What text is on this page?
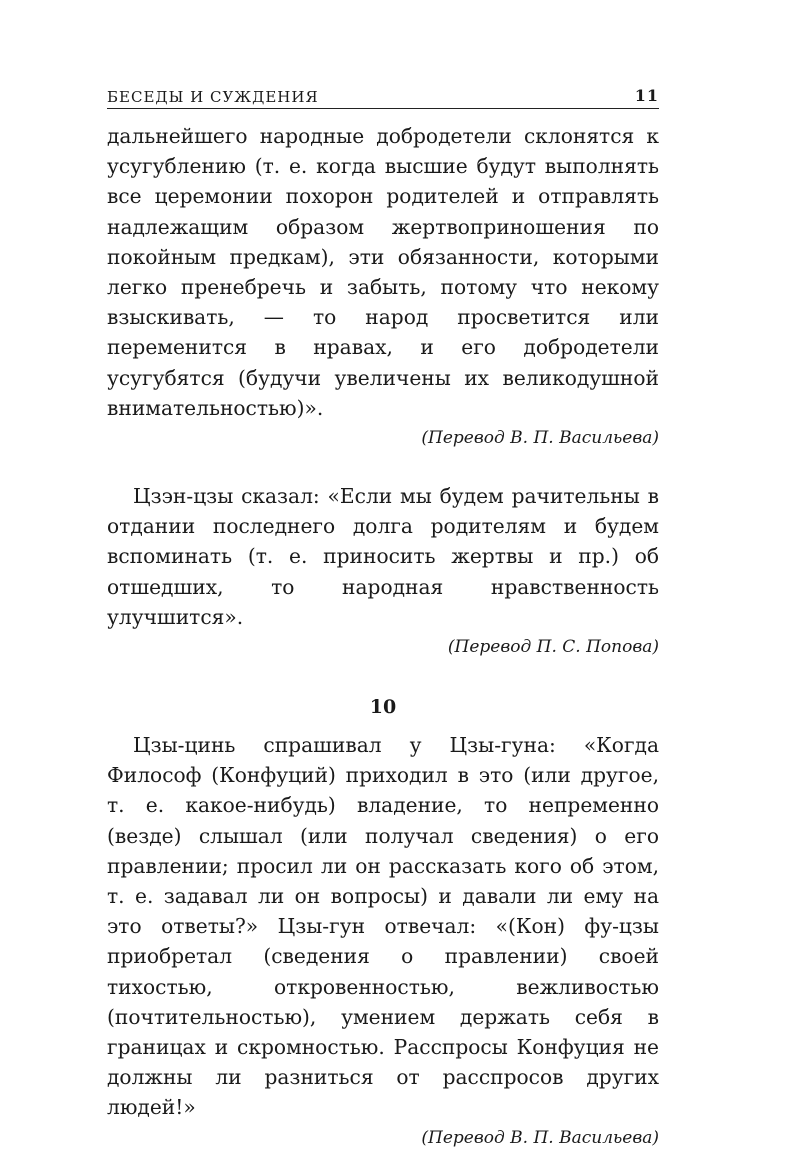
БЕСЕДЫ И СУЖДЕНИЯ	11

дальнейшего народные добродетели склонятся к усугублению (т. е. когда высшие будут выполнять все церемонии похорон родителей и отправлять надлежащим образом жертвоприношения по покойным предкам), эти обязанности, которыми легко пренебречь и забыть, потому что некому взыскивать, — то народ просветится или переменится в нравах, и его добродетели усугубятся (будучи увеличены их великодушной внимательностью)».

(Перевод В. П. Васильева)

Цзэн-цзы сказал: «Если мы будем рачительны в отдании последнего долга родителям и будем вспоминать (т. е. приносить жертвы и пр.) об отшедших, то народная нравственность улучшится».

(Перевод П. С. Попова)

10

Цзы-цинь спрашивал у Цзы-гуна: «Когда Философ (Конфуций) приходил в это (или другое, т. е. какое-нибудь) владение, то непременно (везде) слышал (или получал сведения) о его правлении; просил ли он рассказать кого об этом, т. е. задавал ли он вопросы) и давали ли ему на это ответы?» Цзы-гун отвечал: «(Кон) фу-цзы приобретал (сведения о правлении) своей тихостью, откровенностью, вежливостью (почтительностью), умением держать себя в границах и скромностью. Расспросы Конфуция не должны ли разниться от расспросов других людей!»

(Перевод В. П. Васильева)
